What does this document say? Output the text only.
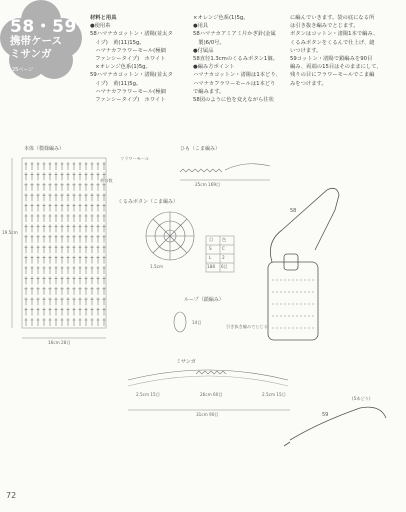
58・59
携帯ケース
ミサンガ
25ページ
材料と用具
●使用糸
58ハマナカコットン・渚陽(並太タ
　イプ)　黄(11)15g。
　ハマナカフラワーモール(極細
　ファンシータイプ)　ホワイト
　×オレンジ色系(1)5g。
59ハマナカコットン・渚陽(並太タ
　イプ)　黄(11)5g。
　ハマナカフラワーモール(極細
　ファンシータイプ)　ホワイト
×オレンジ色系(1)5g。
●用具
58ハマナカアミアミ片かぎ針(金属
　製)6/0号。
●付属品
58直径1.3cmのくるみボタン1個。
●編み方ポイント
ハマナカコットン・渚陽は1本どり、
ハマナカフラワーモールは1本どり
で編みます。
58図のように色を変えながら往状
に編んでいきます。袋の底になる所
は引き抜き編みでとじます。
ボタンはコットン・渚陽1本で編み、
くるみボタンをくるんで仕上げ、縫
いつけます。
59コットン・渚陽で鎖編みを90目
編み、両端の15目はそのままにして、
残りの目にフラワーモールでこま編
みをつけます。
本体（模様編み）	ひも（こま編み）
25cm 169目
くるみボタン（こま編み）
1.5cm
目 色
S C
L	2
188 6目
ループ（鎖編み）
14目
引き抜き編みでとじる
糸の数
フラワーモール
16cm 28目
19.5cm
58
ミサンガ
2.5cm 15目	26cm 60目	2.5cm 15目
31cm 90目	59
(5本どり)
72
